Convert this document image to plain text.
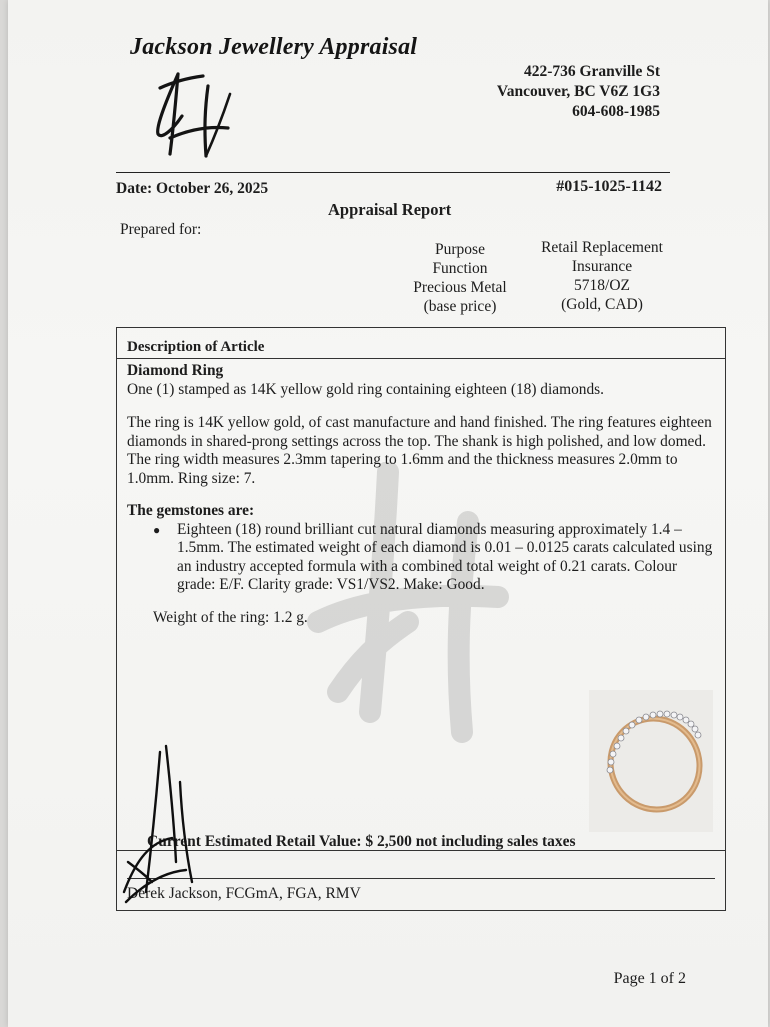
Jackson Jewellery Appraisal
422-736 Granville St
Vancouver, BC V6Z 1G3
604-608-1985
Date: October 26, 2025	#015-1025-1142
Appraisal Report
Prepared for:
Purpose
Function
Precious Metal
(base price)
Retail Replacement
Insurance
5718/OZ
(Gold, CAD)
Description of Article
Diamond Ring
One (1) stamped as 14K yellow gold ring containing eighteen (18) diamonds.
The ring is 14K yellow gold, of cast manufacture and hand finished. The ring features eighteen diamonds in shared-prong settings across the top. The shank is high polished, and low domed. The ring width measures 2.3mm tapering to 1.6mm and the thickness measures 2.0mm to 1.0mm. Ring size: 7.
The gemstones are:
● Eighteen (18) round brilliant cut natural diamonds measuring approximately 1.4 – 1.5mm. The estimated weight of each diamond is 0.01 – 0.0125 carats calculated using an industry accepted formula with a combined total weight of 0.21 carats. Colour grade: E/F. Clarity grade: VS1/VS2. Make: Good.
Weight of the ring: 1.2 g.
Current Estimated Retail Value: $ 2,500 not including sales taxes
Derek Jackson, FCGmA, FGA, RMV
Page 1 of 2
